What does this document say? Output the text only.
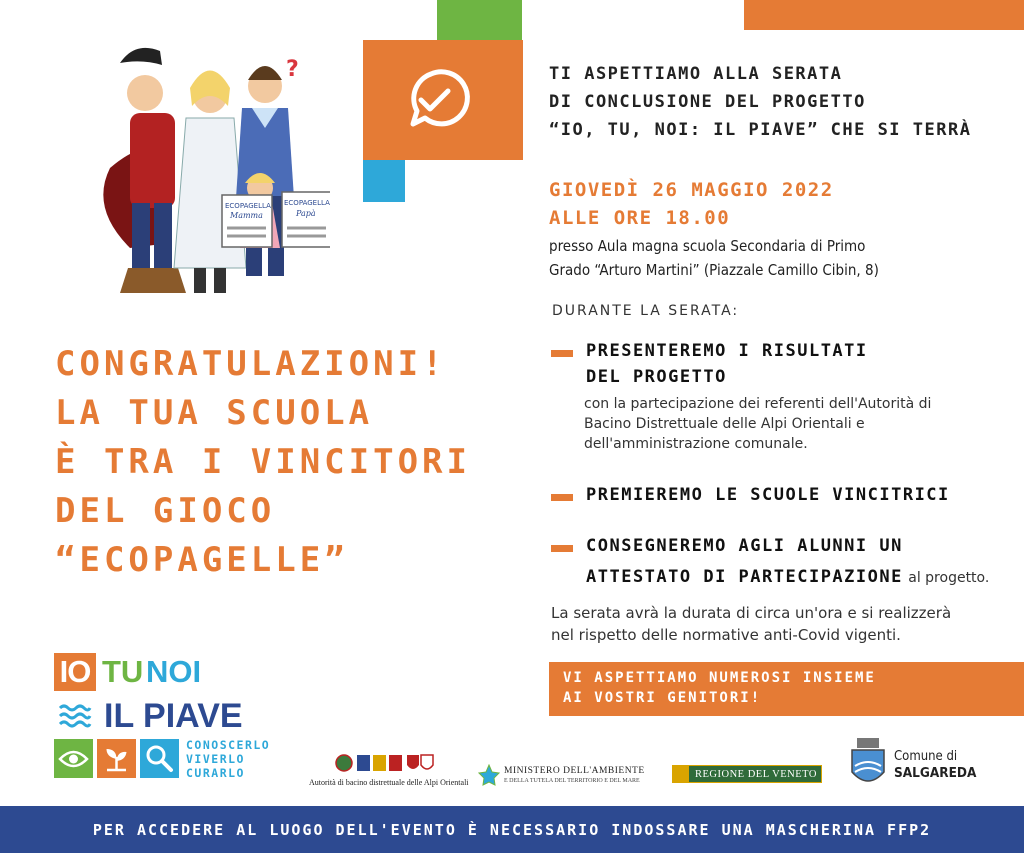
?
ECOPAGELLA
Mamma
ECOPAGELLA
Papà
TI ASPETTIAMO ALLA SERATA
DI CONCLUSIONE DEL PROGETTO
“IO, TU, NOI: IL PIAVE” CHE SI TERRÀ
GIOVEDÌ 26 MAGGIO 2022
ALLE ORE 18.00
presso Aula magna scuola Secondaria di Primo
Grado “Arturo Martini” (Piazzale Camillo Cibin, 8)
DURANTE LA SERATA:
PRESENTEREMO I RISULTATI
DEL PROGETTO
con la partecipazione dei referenti dell'Autorità di
Bacino Distrettuale delle Alpi Orientali e
dell'amministrazione comunale.
PREMIEREMO LE SCUOLE VINCITRICI
CONSEGNEREMO AGLI ALUNNI UN
ATTESTATO DI PARTECIPAZIONE al progetto.
La serata avrà la durata di circa un'ora e si realizzerà
nel rispetto delle normative anti-Covid vigenti.
VI ASPETTIAMO NUMEROSI INSIEME
AI VOSTRI GENITORI!
CONGRATULAZIONI!
LA TUA SCUOLA
È TRA I VINCITORI
DEL GIOCO
“ECOPAGELLE”
IO TU NOI
IL PIAVE
CONOSCERLO
VIVERLO
CURARLO
Autorità di bacino distrettuale delle Alpi Orientali
MINISTERO DELL'AMBIENTE
E DELLA TUTELA DEL TERRITORIO E DEL MARE
REGIONE DEL VENETO
Comune di
SALGAREDA
PER ACCEDERE AL LUOGO DELL'EVENTO È NECESSARIO INDOSSARE UNA MASCHERINA FFP2
